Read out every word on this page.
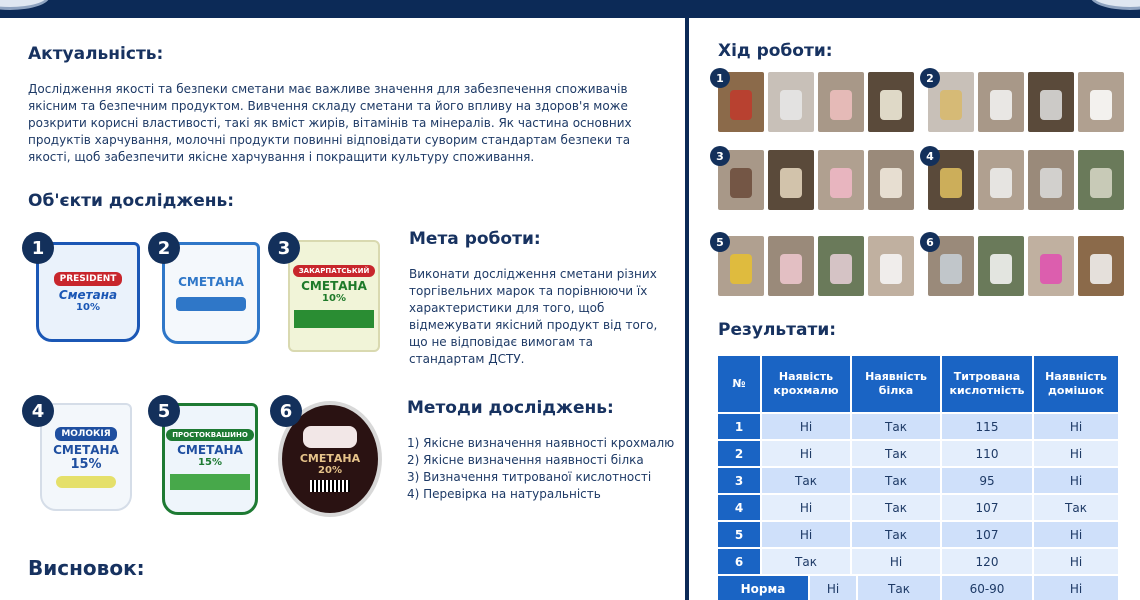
Актуальність:
Дослідження якості та безпеки сметани має важливе значення для забезпечення споживачів
якісним та безпечним продуктом. Вивчення складу сметани та його впливу на здоров'я може
розкрити корисні властивості, такі як вміст жирів, вітамінів та мінералів. Як частина основних
продуктів харчування, молочні продукти повинні відповідати суворим стандартам безпеки та
якості, щоб забезпечити якісне харчування і покращити культуру споживання.
Об'єкти досліджень:
1
PRESIDENT
Сметана
10%
2
СМЕТАНА
3
ЗАКАРПАТСЬКИЙ
СМЕТАНА
10%
4
МОЛОКІЯ
СМЕТАНА
15%
5
ПРОСТОКВАШИНО
СМЕТАНА
15%
6
СМЕТАНА
20%
Мета роботи:
Виконати дослідження сметани різних
торгівельних марок та порівнюючи їх
характеристики для того, щоб
відмежувати якісний продукт від того,
що не відповідає вимогам та
стандартам ДСТУ.
Методи досліджень:
1) Якісне визначення наявності крохмалю
2) Якісне визначення наявності білка
3) Визначення титрованої кислотності
4) Перевірка на натуральність
Висновок:
Хід роботи:
1	2
3	4
5	6
Результати:
№	Наявість крохмалю	Наявність білка	Титрована кислотність	Наявність домішок
1	Ні	Так	115	Ні
2	Ні	Так	110	Ні
3	Так	Так	95	Ні
4	Ні	Так	107	Так
5	Ні	Так	107	Ні
6	Так	Ні	120	Ні
Норма	Ні	Так	60-90	Ні
